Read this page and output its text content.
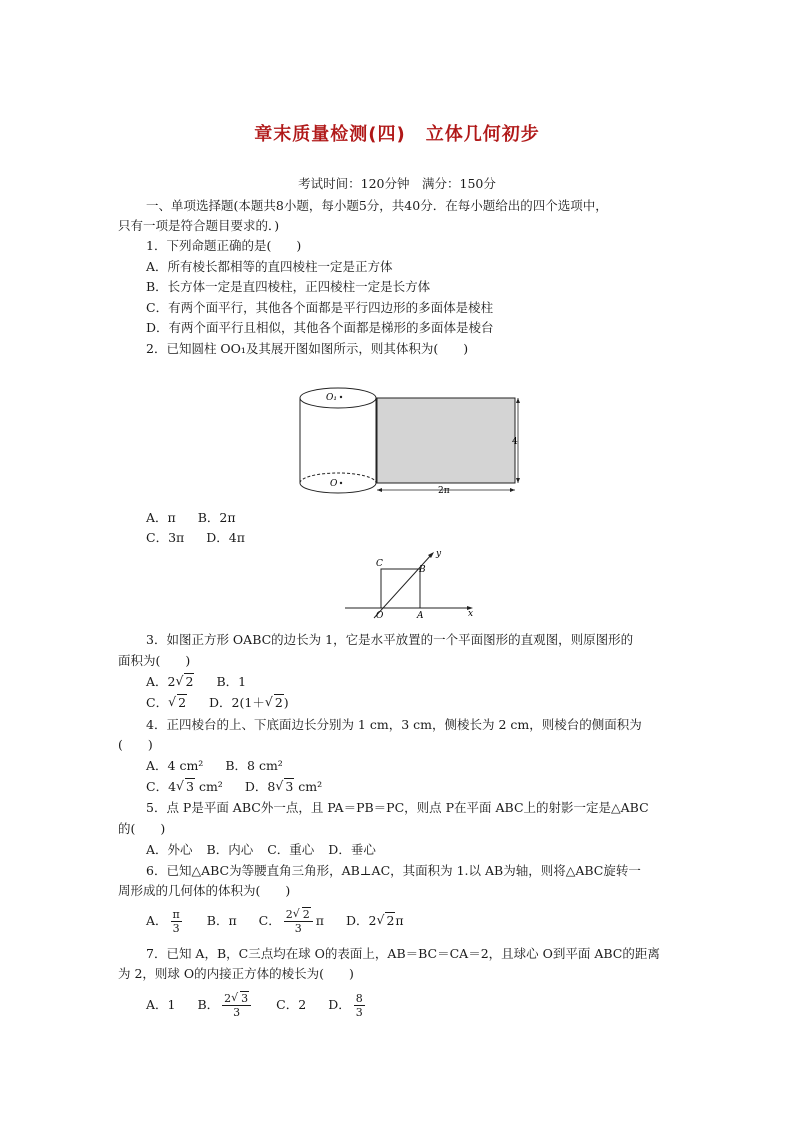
章末质量检测(四) 立体几何初步
考试时间：120分钟　满分：150分
一、单项选择题(本题共8小题，每小题5分，共40分．在每小题给出的四个选项中，
只有一项是符合题目要求的．)
1．下列命题正确的是(　　)
A．所有棱长都相等的直四棱柱一定是正方体
B．长方体一定是直四棱柱，正四棱柱一定是长方体
C．有两个面平行，其他各个面都是平行四边形的多面体是棱柱
D．有两个面平行且相似，其他各个面都是梯形的多面体是棱台
2．已知圆柱 OO₁及其展开图如图所示，则其体积为(　　)
O₁
O
4
2π
A．π B．2π
C．3π D．4π
C
B
O	A	x
y
3．如图正方形 OABC的边长为 1，它是水平放置的一个平面图形的直观图，则原图形的
面积为(　　)
A．2 √ 2 B．1
C． √ 2 D．2(1＋ √ 2)
4．正四棱台的上、下底面边长分别为 1 cm，3 cm，侧棱长为 2 cm，则棱台的侧面积为
(　　)
A．4 cm² B．8 cm²
C．4 √ 3 cm² D．8 √ 3 cm²
5．点 P是平面 ABC外一点，且 PA＝PB＝PC，则点 P在平面 ABC上的射影一定是△ABC
的(　　)
A．外心 B．内心 C．重心 D．垂心
6．已知△ABC为等腰直角三角形，AB⊥AC，其面积为 1.以 AB为轴，则将△ABC旋转一
周形成的几何体的体积为(　　)
A． $\frac{\pi}{3}$ B．π C． $\frac{2 √ 2}{3}$ π D．2 √ 2π
7．已知 A，B，C三点均在球 O的表面上，AB＝BC＝CA＝2，且球心 O到平面 ABC的距离
为 2，则球 O的内接正方体的棱长为(　　)
A．1 B． $\frac{2 √ 3}{3}$ C．2 D． $\frac{8}{3}$
